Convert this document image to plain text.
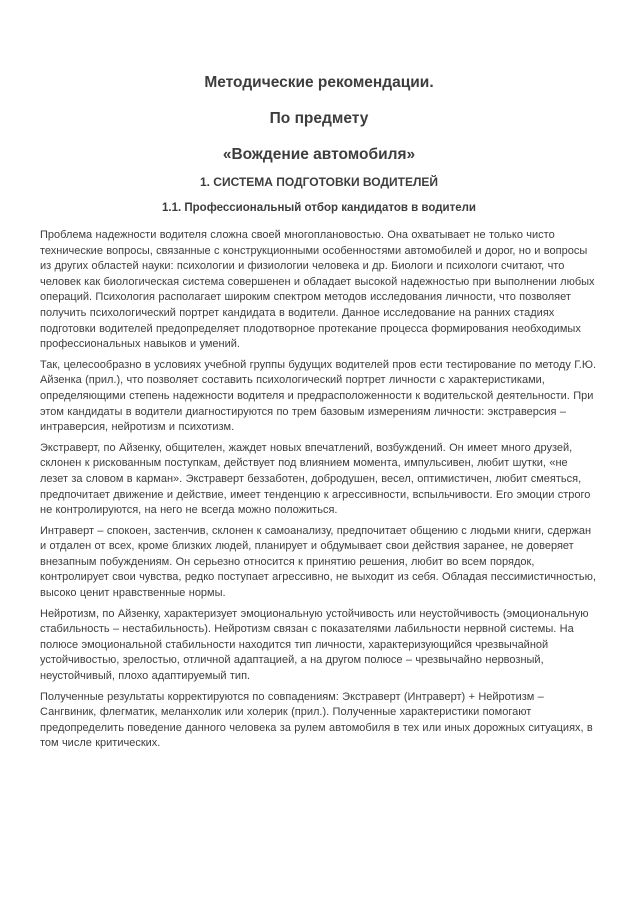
Методические рекомендации.
По предмету
«Вождение автомобиля»
1. СИСТЕМА ПОДГОТОВКИ ВОДИТЕЛЕЙ
1.1. Профессиональный отбор кандидатов в водители

Проблема надежности водителя сложна своей многоплановостью. Она охватывает не только чисто технические вопросы, связанные с конструкционными особенностями автомобилей и дорог, но и вопросы из других областей науки: психологии и физиологии человека и др. Биологи и психологи считают, что человек как биологическая система совершенен и обладает высокой надежностью при выполнении любых операций. Психология располагает широким спектром методов исследования личности, что позволяет получить психологический портрет кандидата в водители. Данное исследование на ранних стадиях подготовки водителей предопределяет плодотворное протекание процесса формирования необходимых профессиональных навыков и умений.

Так, целесообразно в условиях учебной группы будущих водителей пров ести тестирование по методу Г.Ю. Айзенка (прил.), что позволяет составить психологический портрет личности с характеристиками, определяющими степень надежности водителя и предрасположенности к водительской деятельности. При этом кандидаты в водители диагностируются по трем базовым измерениям личности: экстраверсия – интраверсия, нейротизм и психотизм.

Экстраверт, по Айзенку, общителен, жаждет новых впечатлений, возбуждений. Он имеет много друзей, склонен к рискованным поступкам, действует под влиянием момента, импульсивен, любит шутки, «не лезет за словом в карман». Экстраверт беззаботен, добродушен, весел, оптимистичен, любит смеяться, предпочитает движение и действие, имеет тенденцию к агрессивности, вспыльчивости. Его эмоции строго не контролируются, на него не всегда можно положиться.

Интраверт – спокоен, застенчив, склонен к самоанализу, предпочитает общению с людьми книги, сдержан и отдален от всех, кроме близких людей, планирует и обдумывает свои действия заранее, не доверяет внезапным побуждениям. Он серьезно относится к принятию решения, любит во всем порядок, контролирует свои чувства, редко поступает агрессивно, не выходит из себя. Обладая пессимистичностью, высоко ценит нравственные нормы.

Нейротизм, по Айзенку, характеризует эмоциональную устойчивость или неустойчивость (эмоциональную стабильность – нестабильность). Нейротизм связан с показателями лабильности нервной системы. На полюсе эмоциональной стабильности находится тип личности, характеризующийся чрезвычайной устойчивостью, зрелостью, отличной адаптацией, а на другом полюсе – чрезвычайно нервозный, неустойчивый, плохо адаптируемый тип.

Полученные результаты корректируются по совпадениям: Экстраверт (Интраверт) + Нейротизм – Сангвиник, флегматик, меланхолик или холерик (прил.). Полученные характеристики помогают предопределить поведение данного человека за рулем автомобиля в тех или иных дорожных ситуациях, в том числе критических.
